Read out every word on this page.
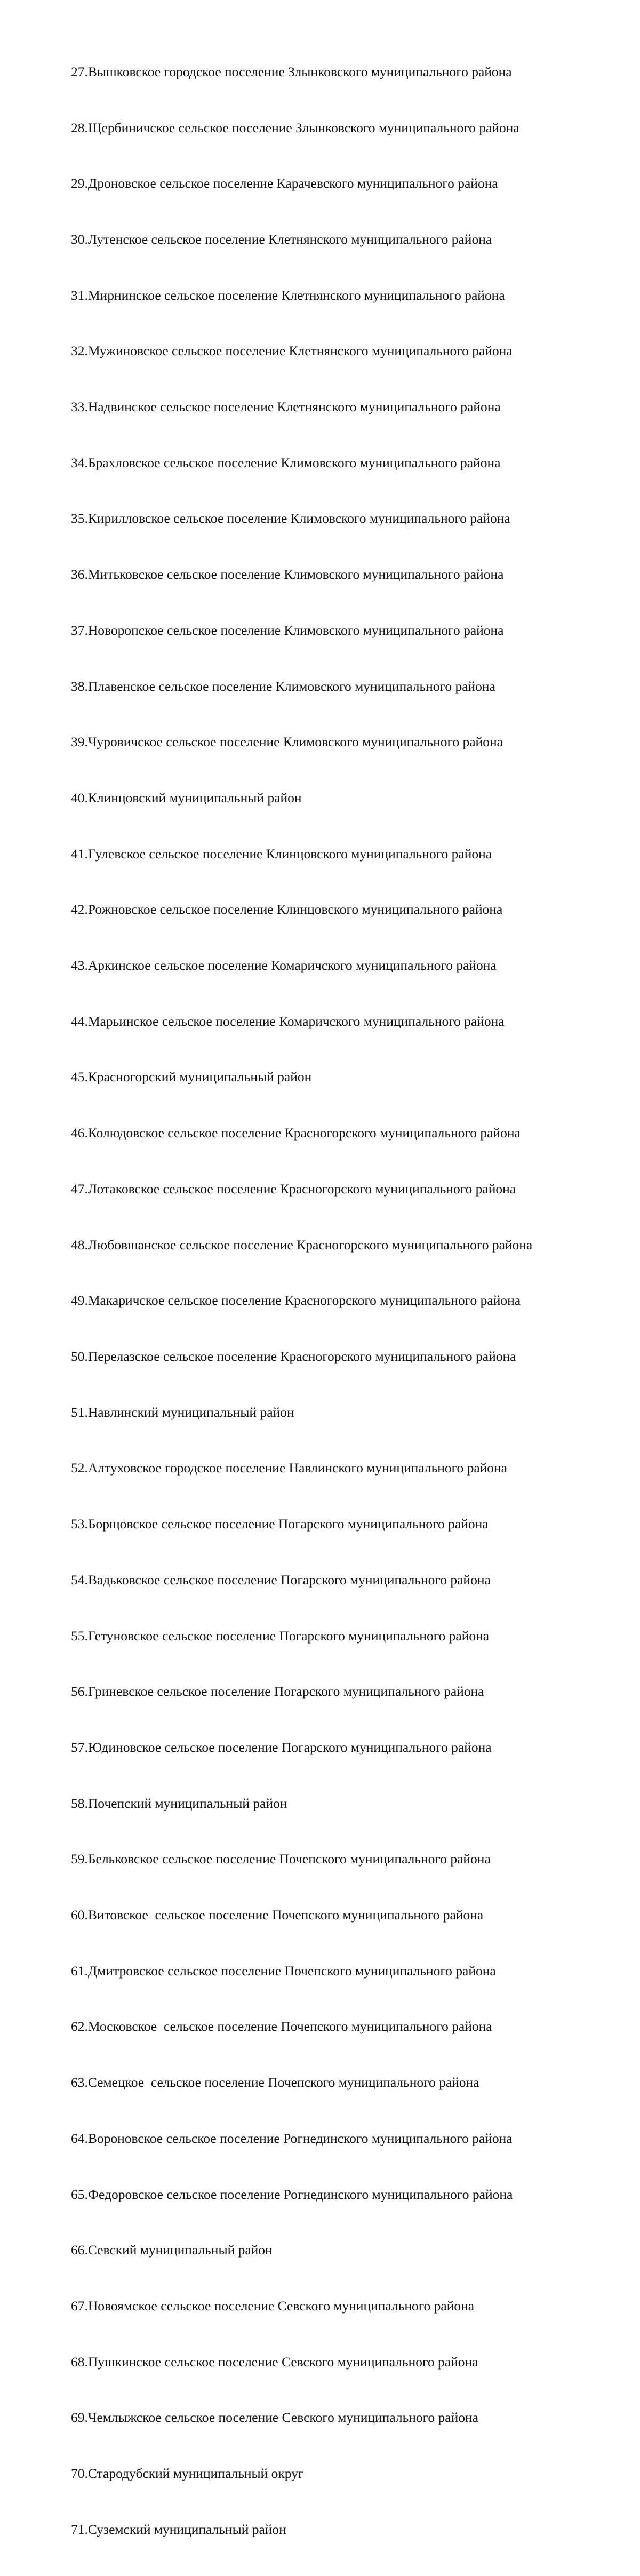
27.Вышковское городское поселение Злынковского муниципального района

28.Щербиничское сельское поселение Злынковского муниципального района

29.Дроновское сельское поселение Карачевского муниципального района

30.Лутенское сельское поселение Клетнянского муниципального района

31.Мирнинское сельское поселение Клетнянского муниципального района

32.Мужиновское сельское поселение Клетнянского муниципального района

33.Надвинское сельское поселение Клетнянского муниципального района

34.Брахловское сельское поселение Климовского муниципального района

35.Кирилловское сельское поселение Климовского муниципального района

36.Митьковское сельское поселение Климовского муниципального района

37.Новоропское сельское поселение Климовского муниципального района

38.Плавенское сельское поселение Климовского муниципального района

39.Чуровичское сельское поселение Климовского муниципального района

40.Клинцовский муниципальный район

41.Гулевское сельское поселение Клинцовского муниципального района

42.Рожновское сельское поселение Клинцовского муниципального района

43.Аркинское сельское поселение Комаричского муниципального района

44.Марьинское сельское поселение Комаричского муниципального района

45.Красногорский муниципальный район

46.Колюдовское сельское поселение Красногорского муниципального района

47.Лотаковское сельское поселение Красногорского муниципального района

48.Любовшанское сельское поселение Красногорского муниципального района

49.Макаричское сельское поселение Красногорского муниципального района

50.Перелазское сельское поселение Красногорского муниципального района

51.Навлинский муниципальный район

52.Алтуховское городское поселение Навлинского муниципального района

53.Борщовское сельское поселение Погарского муниципального района

54.Вадьковское сельское поселение Погарского муниципального района

55.Гетуновское сельское поселение Погарского муниципального района

56.Гриневское сельское поселение Погарского муниципального района

57.Юдиновское сельское поселение Погарского муниципального района

58.Почепский муниципальный район

59.Бельковское сельское поселение Почепского муниципального района

60.Витовское  сельское поселение Почепского муниципального района

61.Дмитровское сельское поселение Почепского муниципального района

62.Московское  сельское поселение Почепского муниципального района

63.Семецкое  сельское поселение Почепского муниципального района

64.Вороновское сельское поселение Рогнединского муниципального района

65.Федоровское сельское поселение Рогнединского муниципального района

66.Севский муниципальный район

67.Новоямское сельское поселение Севского муниципального района

68.Пушкинское сельское поселение Севского муниципального района

69.Чемлыжское сельское поселение Севского муниципального района

70.Стародубский муниципальный округ

71.Суземский муниципальный район
